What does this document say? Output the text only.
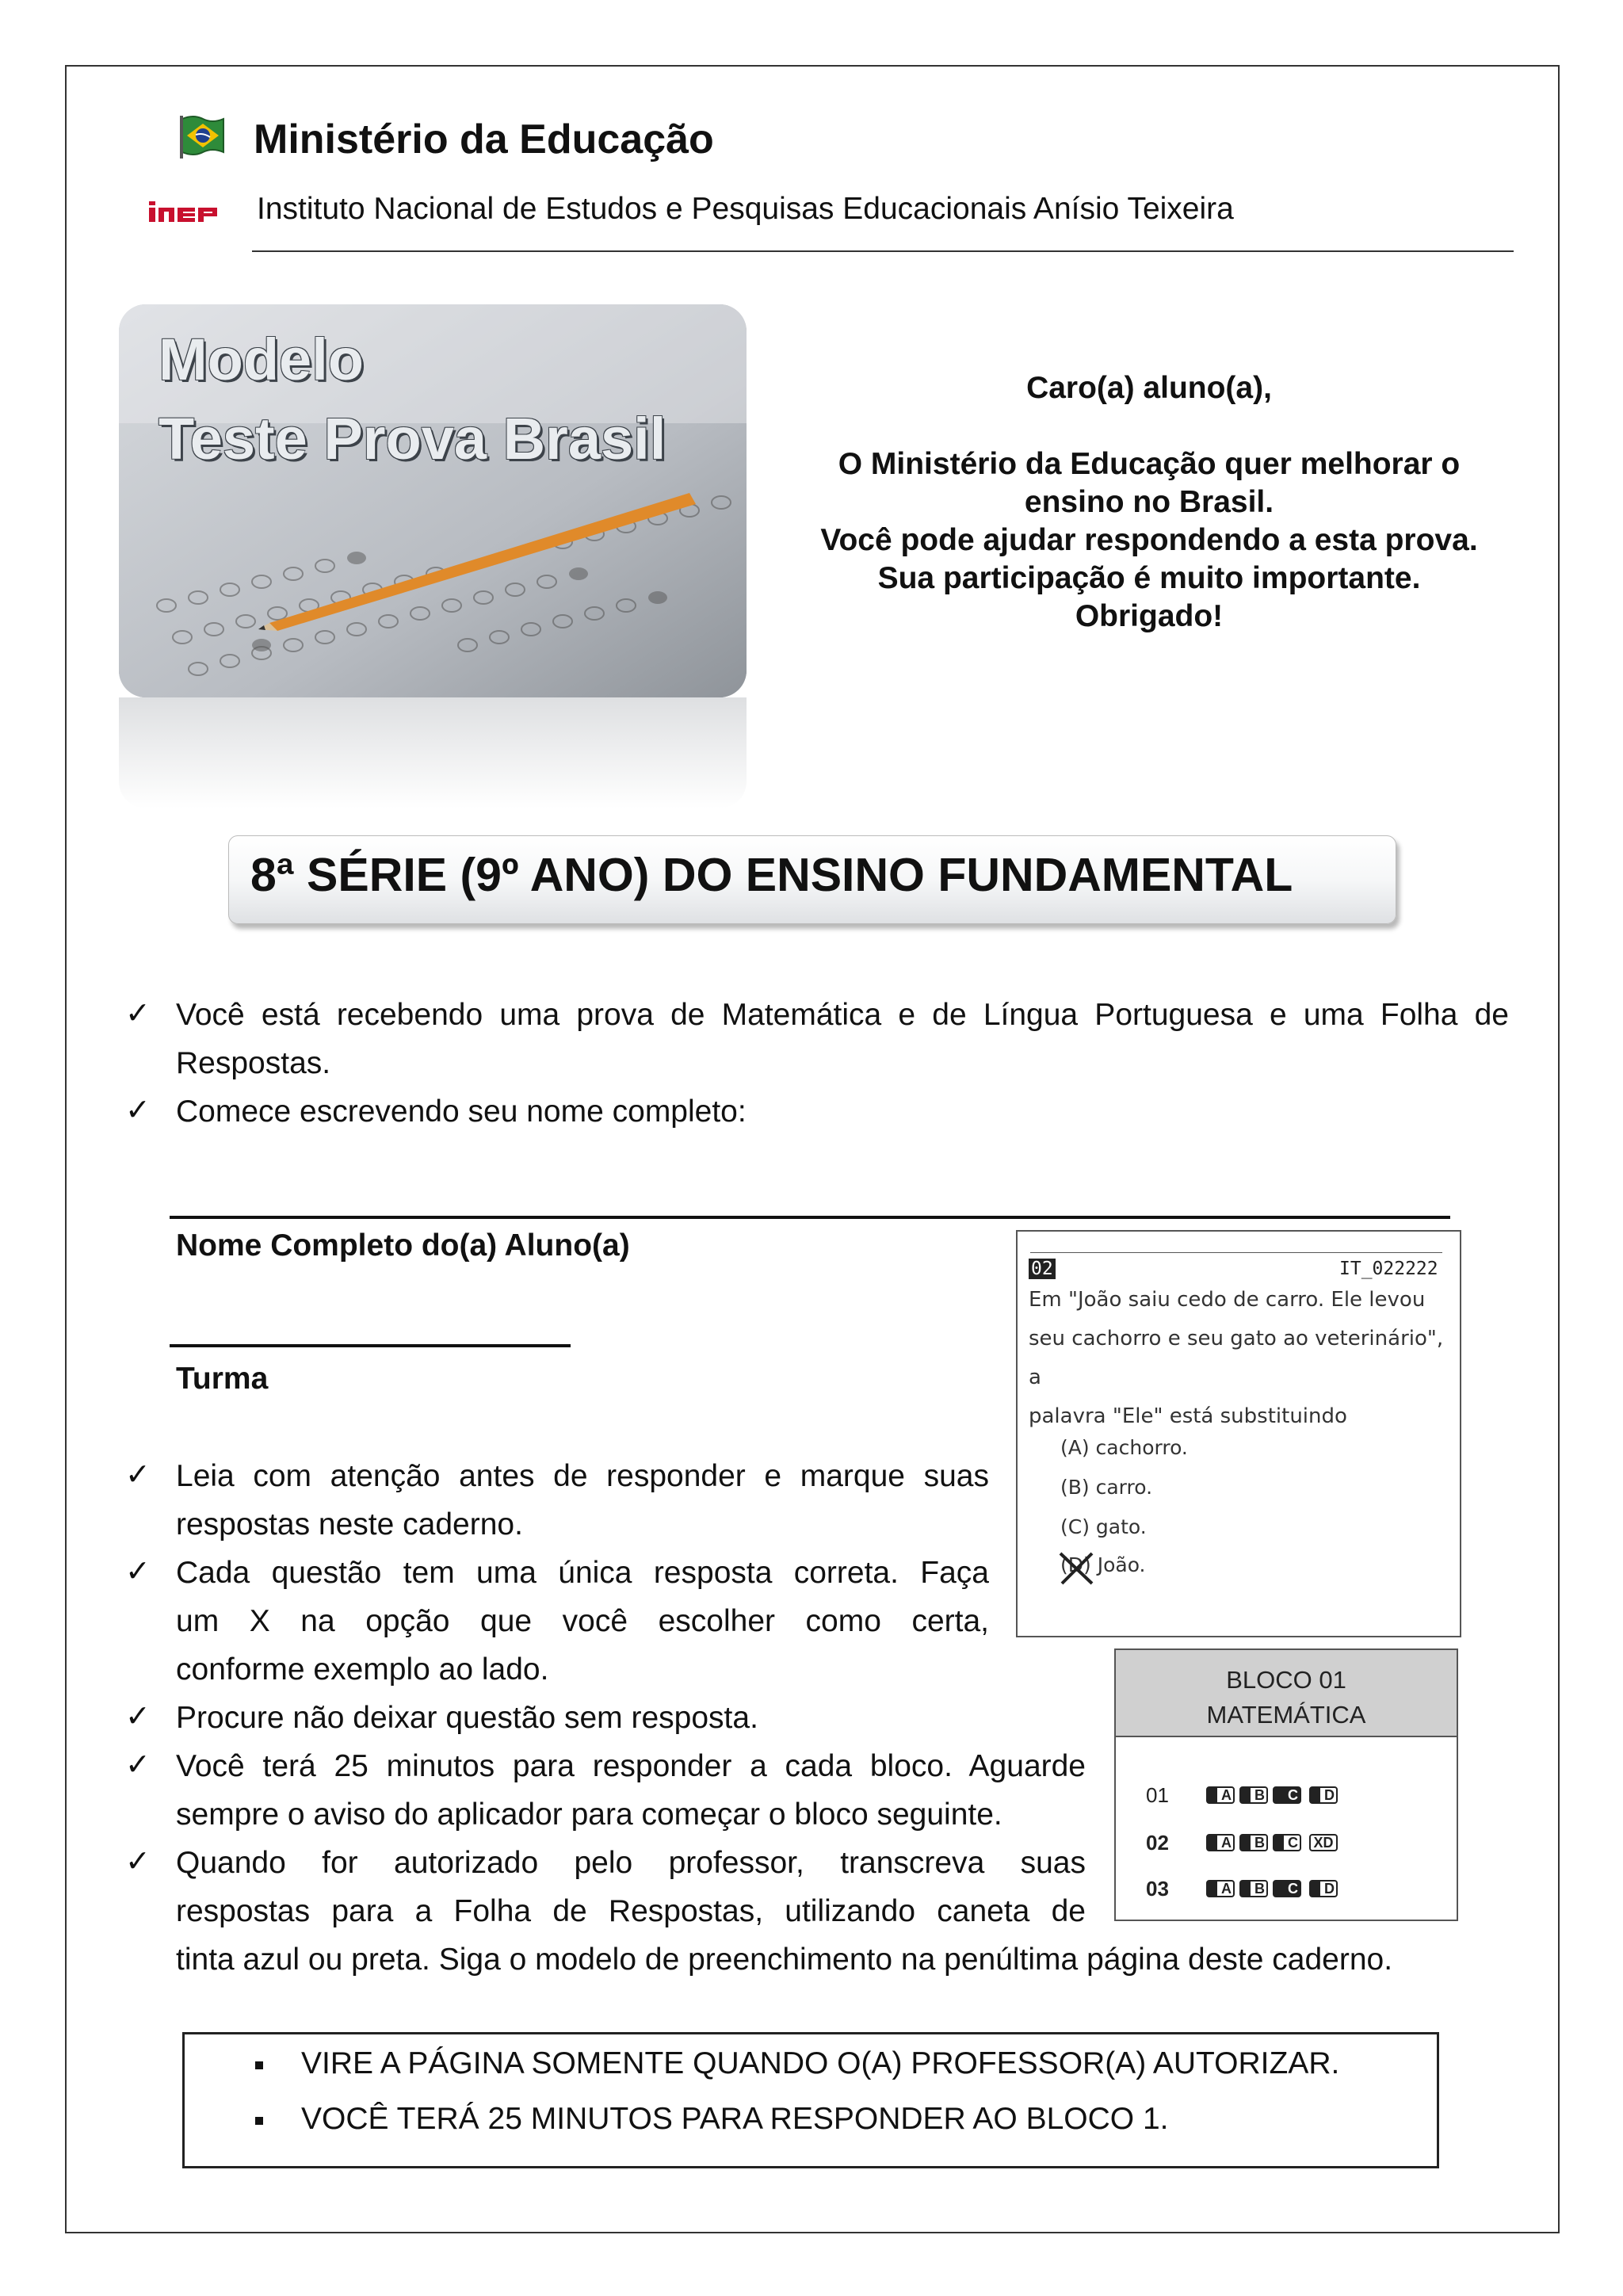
Ministério da Educação
inep	Instituto Nacional de Estudos e Pesquisas Educacionais Anísio Teixeira
Modelo
Teste Prova Brasil

Caro(a) aluno(a),

O Ministério da Educação quer melhorar o

ensino no Brasil.

Você pode ajudar respondendo a esta prova.

Sua participação é muito importante.

Obrigado!

8ª SÉRIE (9º ANO) DO ENSINO FUNDAMENTAL
✓ Você está recebendo uma prova de Matemática e de Língua Portuguesa e uma Folha de
Respostas.
✓ Comece escrevendo seu nome completo:
Nome Completo do(a) Aluno(a)
Turma
✓ Leia com atenção antes de responder e marque suas
respostas neste caderno.
✓ Cada questão tem uma única resposta correta. Faça
um X na opção que você escolher como certa,
conforme exemplo ao lado.
✓ Procure não deixar questão sem resposta.
✓ Você terá 25 minutos para responder a cada bloco. Aguarde
sempre o aviso do aplicador para começar o bloco seguinte.
✓ Quando for autorizado pelo professor, transcreva suas
respostas para a Folha de Respostas, utilizando caneta de
tinta azul ou preta. Siga o modelo de preenchimento na penúltima página deste caderno.
02	IT_022222
Em "João saiu cedo de carro. Ele levou
seu cachorro e seu gato ao veterinário", a
palavra "Ele" está substituindo
(A) cachorro.
(B) carro.
(C) gato.
(D) João.
BLOCO 01
MATEMÁTICA
01	A	B	C	D
02	A	B	C	XD
03	A	B	C	D
VIRE A PÁGINA SOMENTE QUANDO O(A) PROFESSOR(A) AUTORIZAR.
VOCÊ TERÁ 25 MINUTOS PARA RESPONDER AO BLOCO 1.
